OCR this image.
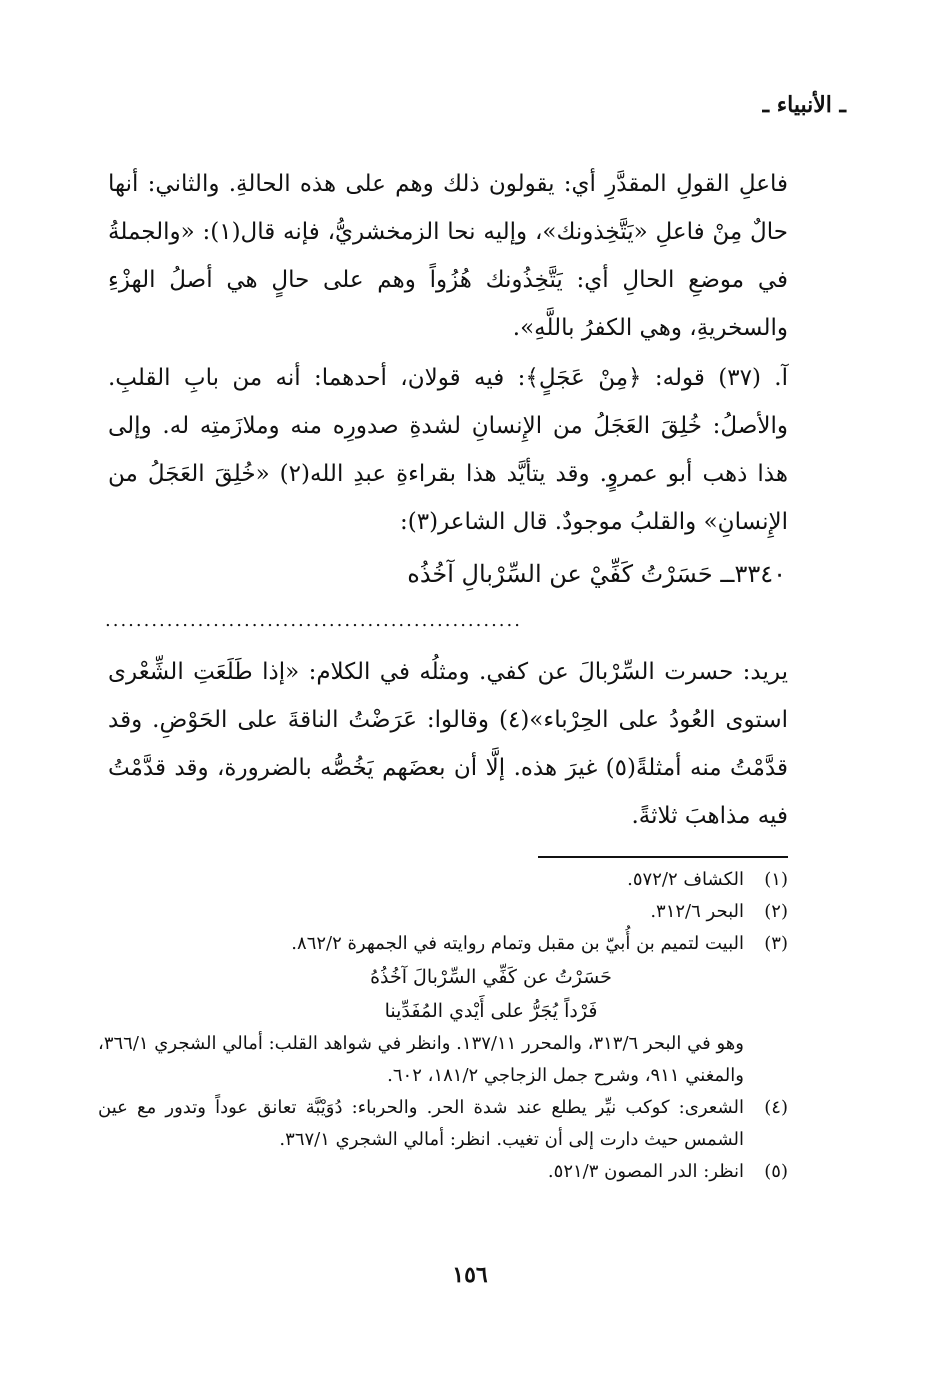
ـ الأنبياء ـ
فاعلِ القولِ المقدَّرِ أي: يقولون ذلك وهم على هذه الحالةِ. والثاني: أنها حالٌ مِنْ فاعلِ «يَتَّخِذونك»، وإليه نحا الزمخشريُّ، فإنه قال(١): «والجملةُ في موضعِ الحالِ أي: يَتَّخِذُونك هُزُواً وهم على حالٍ هي أصلُ الهزْءِ والسخريةِ، وهي الكفرُ باللَّهِ».
آ. (٣٧) قوله: ﴿مِنْ عَجَلٍ﴾: فيه قولان، أحدهما: أنه من بابِ القلبِ. والأصلُ: خُلِقَ العَجَلُ من الإِنسانِ لشدةِ صدورِه منه وملازَمتِه له. وإلى هذا ذهب أبو عمروٍ. وقد يتأيَّد هذا بقراءةِ عبدِ الله(٢) «خُلِقَ العَجَلُ من الإِنسانِ» والقلبُ موجودٌ. قال الشاعر(٣):
٣٣٤٠ــ حَسَرْتُ كَفِّيْ عن السِّرْبالِ آخُذُه
......................................................
يريد: حسرت السِّرْبالَ عن كفي. ومثلُه في الكلام: «إذا طَلَعَتِ الشِّعْرى استوى العُودُ على الحِرْباء»(٤) وقالوا: عَرَضْتُ الناقةَ على الحَوْضِ. وقد قدَّمْتُ منه أمثلةً(٥) غيرَ هذه. إلَّا أن بعضَهم يَخُصُّه بالضرورة، وقد قدَّمْتُ فيه مذاهبَ ثلاثةً.
(١)
الكشاف ٥٧٢/٢.
(٢)
البحر ٣١٢/٦.
(٣)
البيت لتميم بن أُبيّ بن مقبل وتمام روايته في الجمهرة ٨٦٢/٢.
حَسَرْتُ عن كَفِّي السِّرْبالَ آخُذُهُ
فَرْداً يُجَرُّ على أَيْدي المُفَدِّينا
وهو في البحر ٣١٣/٦، والمحرر ١٣٧/١١. وانظر في شواهد القلب: أمالي الشجري ٣٦٦/١، والمغني ٩١١، وشرح جمل الزجاجي ١٨١/٢، ٦٠٢.
(٤)
الشعرى: كوكب نيِّر يطلع عند شدة الحر. والحرباء: دُوَيْبَّة تعانق عوداً وتدور مع عين الشمس حيث دارت إلى أن تغيب. انظر: أمالي الشجري ٣٦٧/١.
(٥)
انظر: الدر المصون ٥٢١/٣.
١٥٦
